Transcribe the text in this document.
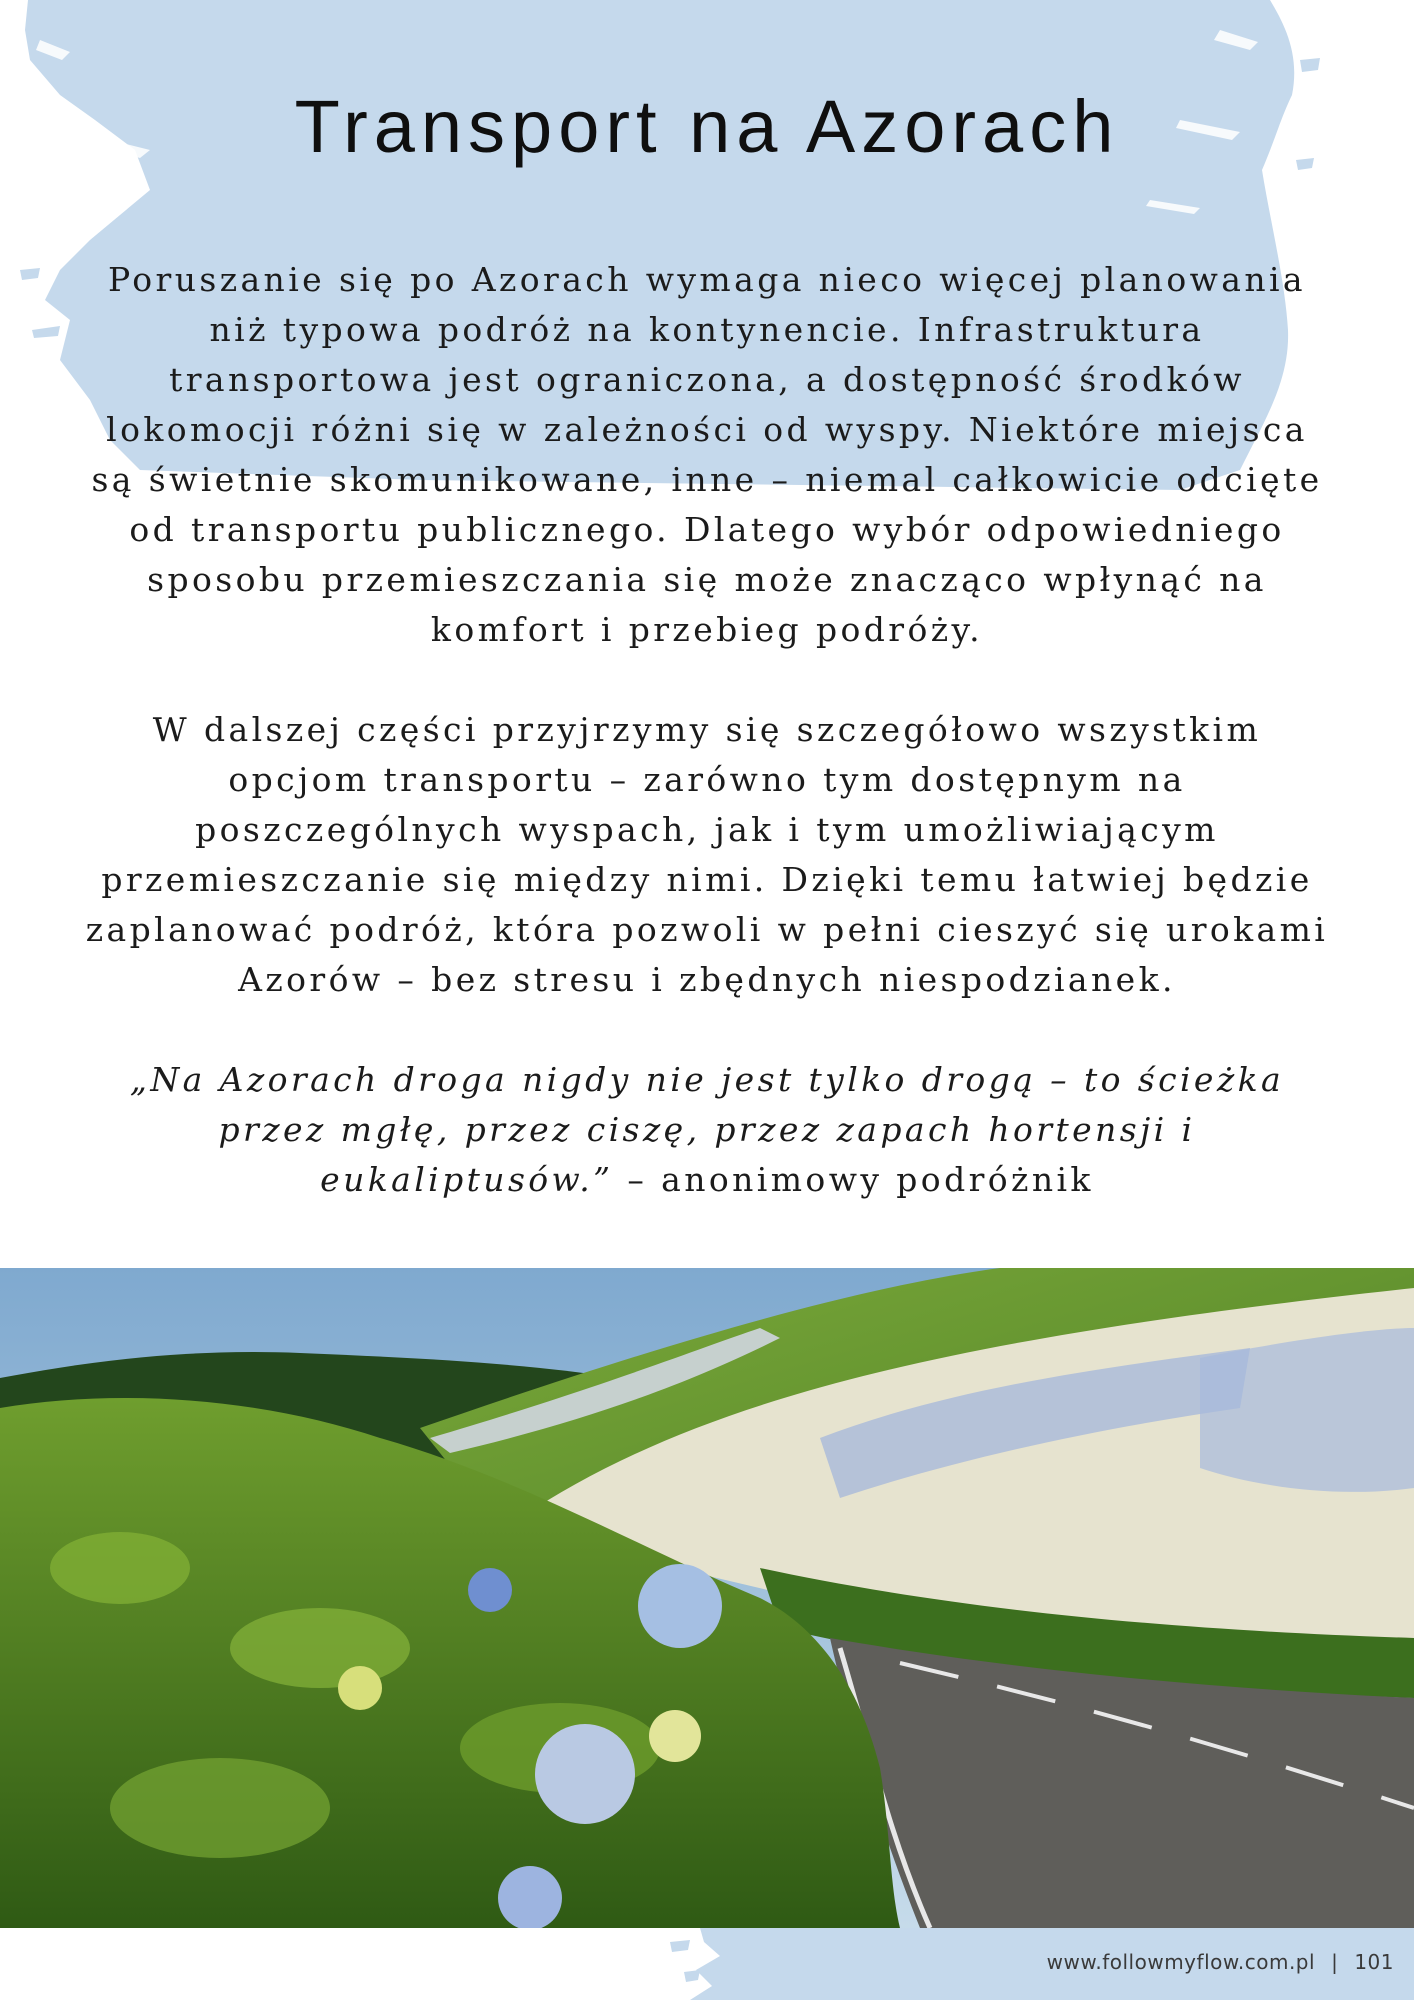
Transport na Azorach

Poruszanie się po Azorach wymaga nieco więcej planowania niż typowa podróż na kontynencie. Infrastruktura transportowa jest ograniczona, a dostępność środków lokomocji różni się w zależności od wyspy. Niektóre miejsca są świetnie skomunikowane, inne – niemal całkowicie odcięte od transportu publicznego. Dlatego wybór odpowiedniego sposobu przemieszczania się może znacząco wpłynąć na komfort i przebieg podróży.

W dalszej części przyjrzymy się szczegółowo wszystkim opcjom transportu – zarówno tym dostępnym na poszczególnych wyspach, jak i tym umożliwiającym przemieszczanie się między nimi. Dzięki temu łatwiej będzie zaplanować podróż, która pozwoli w pełni cieszyć się urokami Azorów – bez stresu i zbędnych niespodzianek.

„Na Azorach droga nigdy nie jest tylko drogą – to ścieżka przez mgłę, przez ciszę, przez zapach hortensji i eukaliptusów.” – anonimowy podróżnik

www.followmyflow.com.pl | 101
